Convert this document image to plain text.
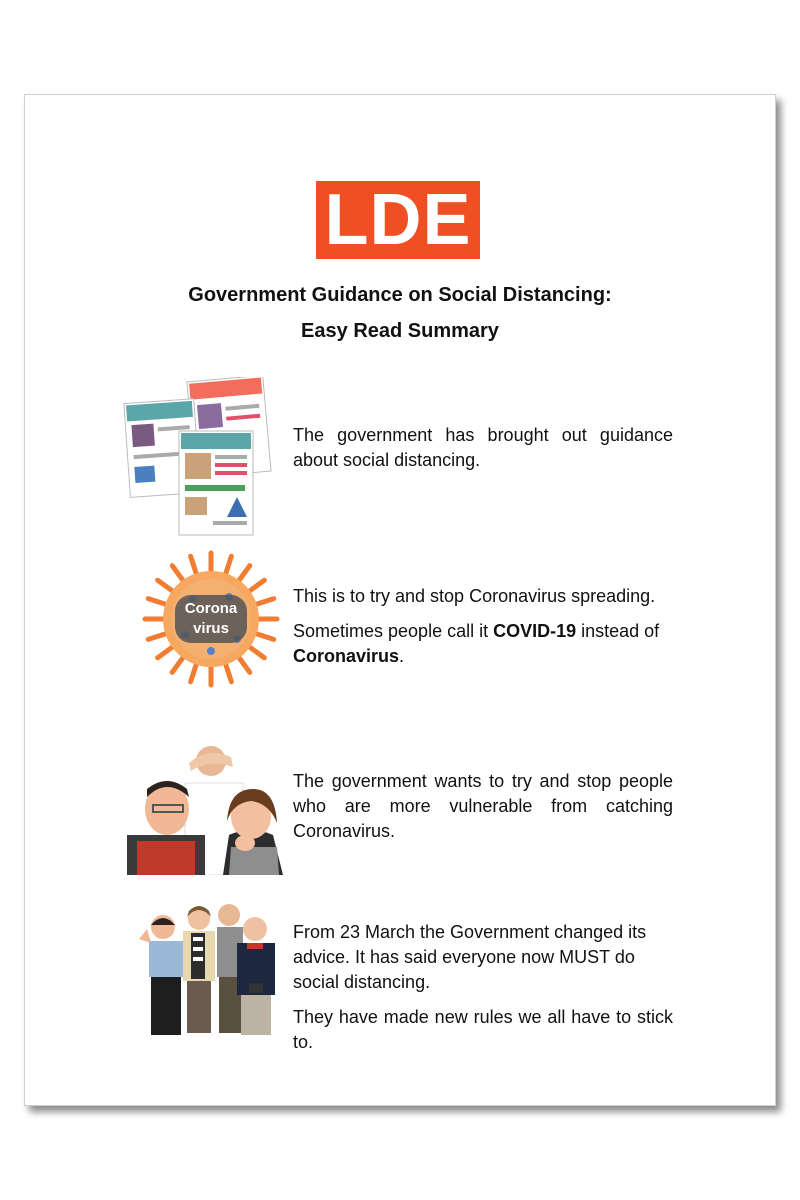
LDE
Government Guidance on Social Distancing:
Easy Read Summary

The government has brought out guidance about social distancing.

Corona
virus

This is to try and stop Coronavirus spreading.

Sometimes people call it COVID-19 instead of Coronavirus.

The government wants to try and stop people who are more vulnerable from catching Coronavirus.

From 23 March the Government changed its advice. It has said everyone now MUST do social distancing.

They have made new rules we all have to stick to.
